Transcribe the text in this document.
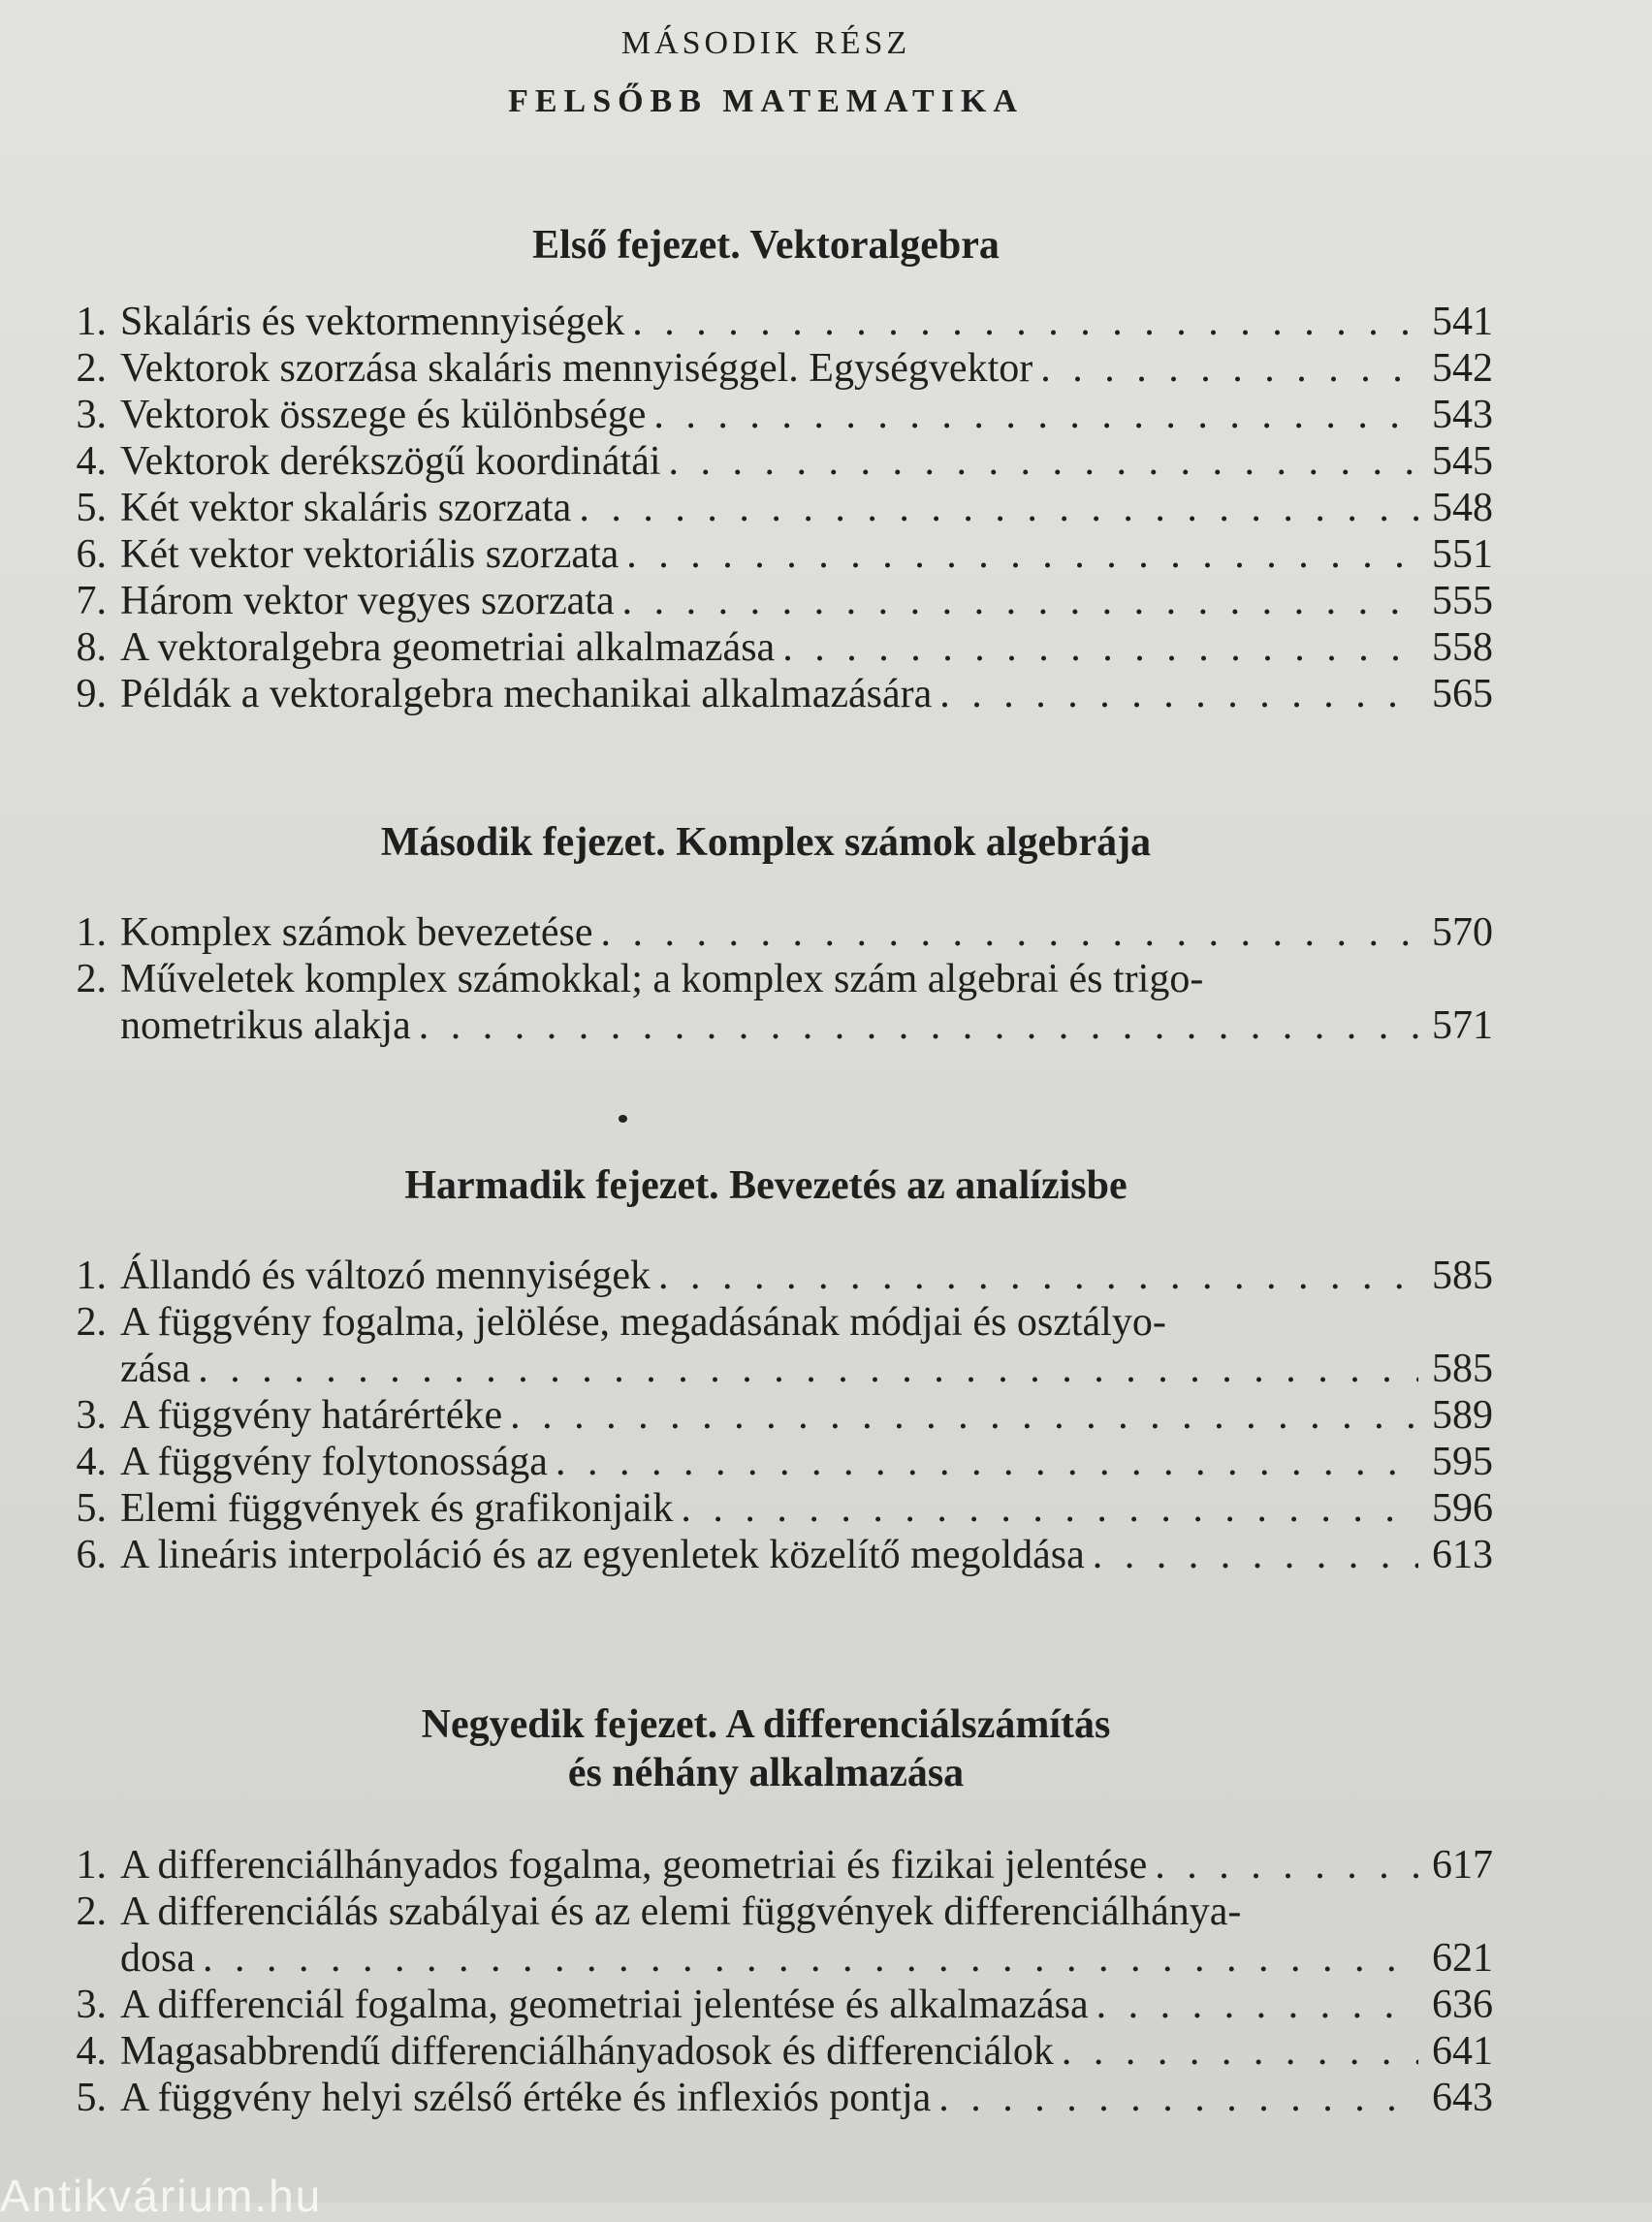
MÁSODIK RÉSZ
FELSŐBB MATEMATIKA
Első fejezet. Vektoralgebra
1. Skaláris és vektormennyiségek . . .	541
2. Vektorok szorzása skaláris mennyiséggel. Egységvektor . . .	542
3. Vektorok összege és különbsége . . .	543
4. Vektorok derékszögű koordinátái . . .	545
5. Két vektor skaláris szorzata . . .	548
6. Két vektor vektoriális szorzata . . .	551
7. Három vektor vegyes szorzata . . .	555
8. A vektoralgebra geometriai alkalmazása . . .	558
9. Példák a vektoralgebra mechanikai alkalmazására . . .	565
Második fejezet. Komplex számok algebrája
1. Komplex számok bevezetése . . .	570
2. Műveletek komplex számokkal; a komplex szám algebrai és trigo-
nometrikus alakja . . .	571
Harmadik fejezet. Bevezetés az analízisbe
1. Állandó és változó mennyiségek . . .	585
2. A függvény fogalma, jelölése, megadásának módjai és osztályo-
zása . . .	585
3. A függvény határértéke . . .	589
4. A függvény folytonossága . . .	595
5. Elemi függvények és grafikonjaik . . .	596
6. A lineáris interpoláció és az egyenletek közelítő megoldása . . .	613
Negyedik fejezet. A differenciálszámítás
és néhány alkalmazása
1. A differenciálhányados fogalma, geometriai és fizikai jelentése . . .	617
2. A differenciálás szabályai és az elemi függvények differenciálhánya-
dosa . . .	621
3. A differenciál fogalma, geometriai jelentése és alkalmazása . . .	636
4. Magasabbrendű differenciálhányadosok és differenciálok . . .	641
5. A függvény helyi szélső értéke és inflexiós pontja . . .	643
Antikvárium.hu
